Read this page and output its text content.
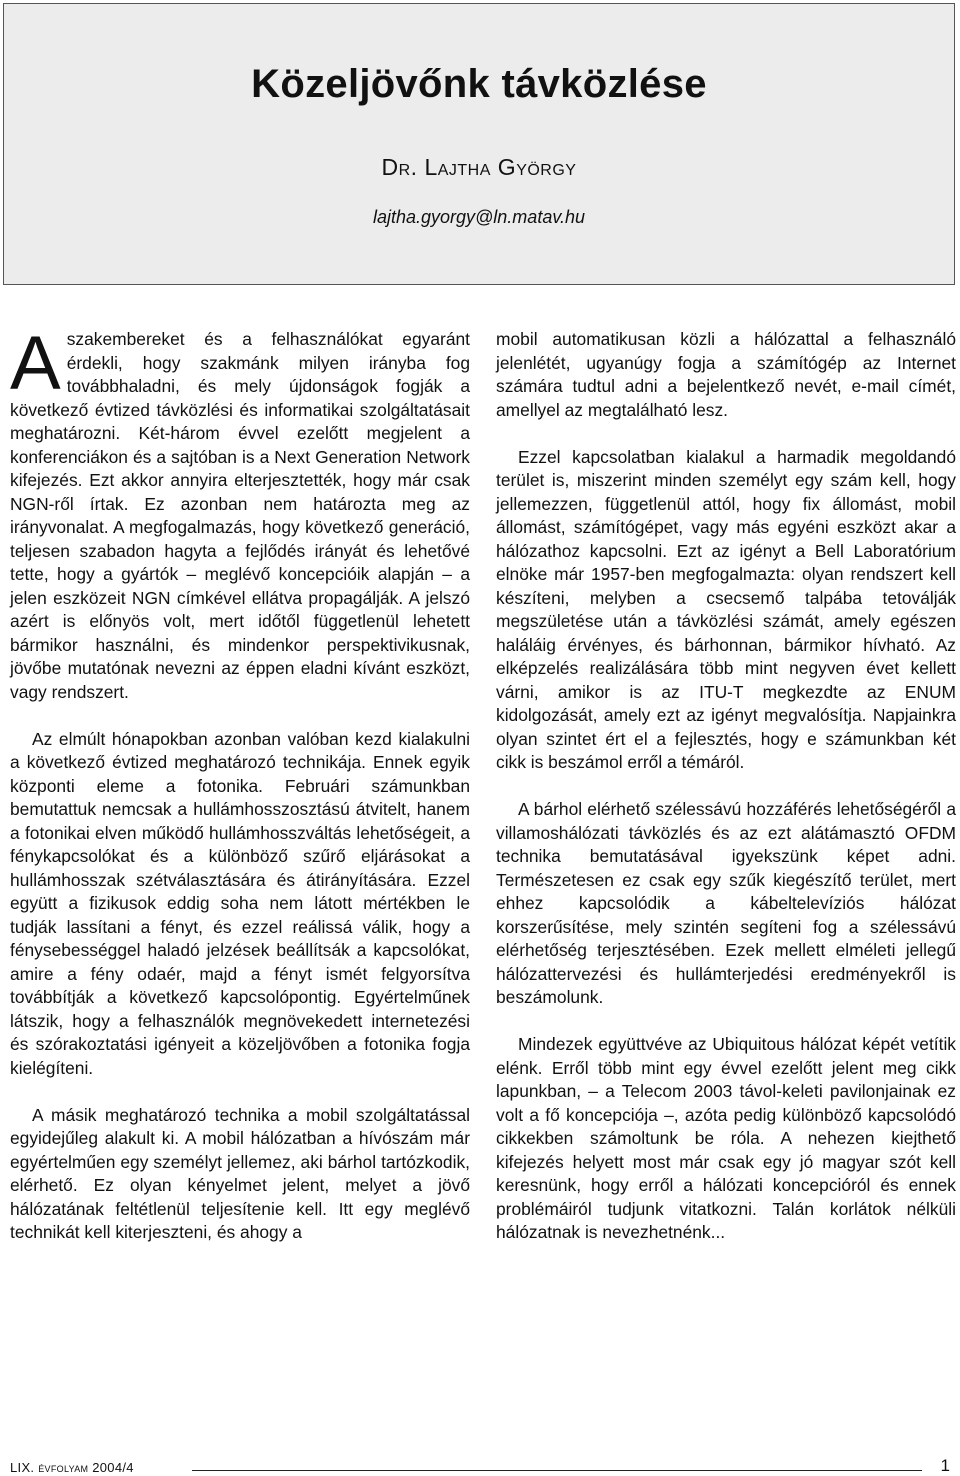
Közeljövőnk távközlése
Dr. Lajtha György
lajtha.gyorgy@ln.matav.hu

Aszakembereket és a felhasználókat egyaránt érdekli, hogy szakmánk milyen irányba fog továbbhaladni, és mely újdonságok fogják a következő évtized távközlési és informatikai szolgáltatásait meghatározni. Két-három évvel ezelőtt megjelent a konferenciákon és a sajtóban is a Next Generation Network kifejezés. Ezt akkor annyira elterjesztették, hogy már csak NGN-ről írtak. Ez azonban nem határozta meg az irányvonalat. A megfogalmazás, hogy következő generáció, teljesen szabadon hagyta a fejlődés irányát és lehetővé tette, hogy a gyártók – meglévő koncepcióik alapján – a jelen eszközeit NGN címkével ellátva propagálják. A jelszó azért is előnyös volt, mert időtől függetlenül lehetett bármikor használni, és mindenkor perspektivikusnak, jövőbe mutatónak nevezni az éppen eladni kívánt eszközt, vagy rendszert.

Az elmúlt hónapokban azonban valóban kezd kialakulni a következő évtized meghatározó technikája. Ennek egyik központi eleme a fotonika. Februári számunkban bemutattuk nemcsak a hullámhosszosztású átvitelt, hanem a fotonikai elven működő hullámhosszváltás lehetőségeit, a fénykapcsolókat és a különböző szűrő eljárásokat a hullámhosszak szétválasztására és átirányítására. Ezzel együtt a fizikusok eddig soha nem látott mértékben le tudják lassítani a fényt, és ezzel reálissá válik, hogy a fénysebességgel haladó jelzések beállítsák a kapcsolókat, amire a fény odaér, majd a fényt ismét felgyorsítva továbbítják a következő kapcsolópontig. Egyértelműnek látszik, hogy a felhasználók megnövekedett internetezési és szórakoztatási igényeit a közeljövőben a fotonika fogja kielégíteni.

A másik meghatározó technika a mobil szolgáltatással egyidejűleg alakult ki. A mobil hálózatban a hívószám már egyértelműen egy személyt jellemez, aki bárhol tartózkodik, elérhető. Ez olyan kényelmet jelent, melyet a jövő hálózatának feltétlenül teljesítenie kell. Itt egy meglévő technikát kell kiterjeszteni, és ahogy a

mobil automatikusan közli a hálózattal a felhasználó jelenlétét, ugyanúgy fogja a számítógép az Internet számára tudtul adni a bejelentkező nevét, e-mail címét, amellyel az megtalálható lesz.

Ezzel kapcsolatban kialakul a harmadik megoldandó terület is, miszerint minden személyt egy szám kell, hogy jellemezzen, függetlenül attól, hogy fix állomást, mobil állomást, számítógépet, vagy más egyéni eszközt akar a hálózathoz kapcsolni. Ezt az igényt a Bell Laboratórium elnöke már 1957-ben megfogalmazta: olyan rendszert kell készíteni, melyben a csecsemő talpába tetoválják megszületése után a távközlési számát, amely egészen haláláig érvényes, és bárhonnan, bármikor hívható. Az elképzelés realizálására több mint negyven évet kellett várni, amikor is az ITU-T megkezdte az ENUM kidolgozását, amely ezt az igényt megvalósítja. Napjainkra olyan szintet ért el a fejlesztés, hogy e számunkban két cikk is beszámol erről a témáról.

A bárhol elérhető szélessávú hozzáférés lehetőségéről a villamoshálózati távközlés és az ezt alátámasztó OFDM technika bemutatásával igyekszünk képet adni. Természetesen ez csak egy szűk kiegészítő terület, mert ehhez kapcsolódik a kábeltelevíziós hálózat korszerűsítése, mely szintén segíteni fog a szélessávú elérhetőség terjesztésében. Ezek mellett elméleti jellegű hálózattervezési és hullámterjedési eredményekről is beszámolunk.

Mindezek együttvéve az Ubiquitous hálózat képét vetítik elénk. Erről több mint egy évvel ezelőtt jelent meg cikk lapunkban, – a Telecom 2003 távol-keleti pavilonjainak ez volt a fő koncepciója –, azóta pedig különböző kapcsolódó cikkekben számoltunk be róla. A nehezen kiejthető kifejezés helyett most már csak egy jó magyar szót kell keresnünk, hogy erről a hálózati koncepcióról és ennek problémáiról tudjunk vitatkozni. Talán korlátok nélküli hálózatnak is nevezhetnénk...

LIX. évfolyam 2004/4	1
